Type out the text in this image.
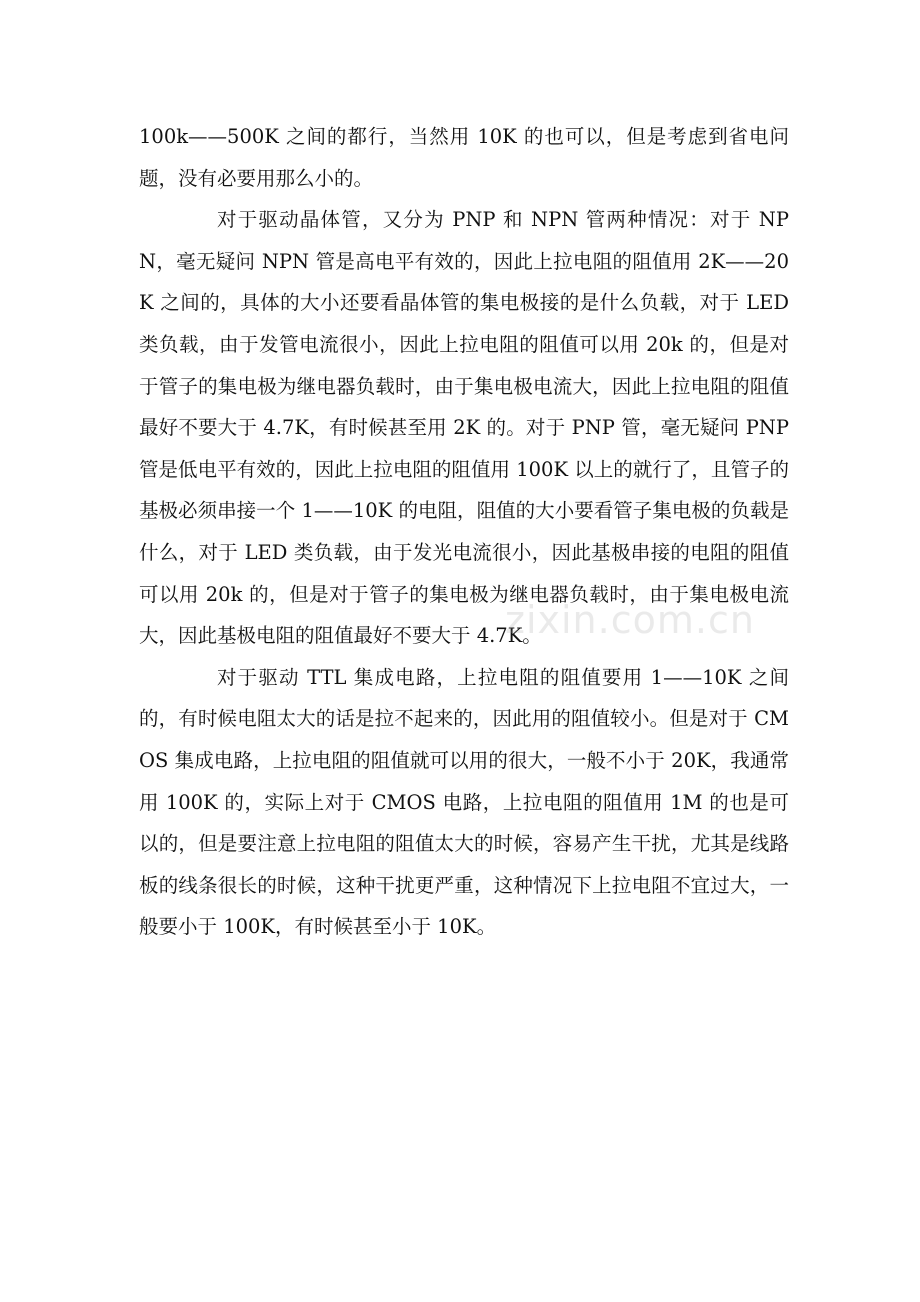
100k——500K 之间的都行，当然用 10K 的也可以，但是考虑到省电问题，没有必要用那么小的。

对于驱动晶体管，又分为 PNP 和 NPN 管两种情况：对于 NPN，毫无疑问 NPN 管是高电平有效的，因此上拉电阻的阻值用 2K——20K 之间的，具体的大小还要看晶体管的集电极接的是什么负载，对于 LED 类负载，由于发管电流很小，因此上拉电阻的阻值可以用 20k 的，但是对于管子的集电极为继电器负载时，由于集电极电流大，因此上拉电阻的阻值最好不要大于 4.7K，有时候甚至用 2K 的。对于 PNP 管，毫无疑问 PNP 管是低电平有效的，因此上拉电阻的阻值用 100K 以上的就行了，且管子的基极必须串接一个 1——10K 的电阻，阻值的大小要看管子集电极的负载是什么，对于 LED 类负载，由于发光电流很小，因此基极串接的电阻的阻值可以用 20k 的，但是对于管子的集电极为继电器负载时，由于集电极电流大，因此基极电阻的阻值最好不要大于 4.7K。

对于驱动 TTL 集成电路，上拉电阻的阻值要用 1——10K 之间的，有时候电阻太大的话是拉不起来的，因此用的阻值较小。但是对于 CMOS 集成电路，上拉电阻的阻值就可以用的很大，一般不小于 20K，我通常用 100K 的，实际上对于 CMOS 电路，上拉电阻的阻值用 1M 的也是可以的，但是要注意上拉电阻的阻值太大的时候，容易产生干扰，尤其是线路板的线条很长的时候，这种干扰更严重，这种情况下上拉电阻不宜过大，一般要小于 100K，有时候甚至小于 10K。

zixin.com.cn
